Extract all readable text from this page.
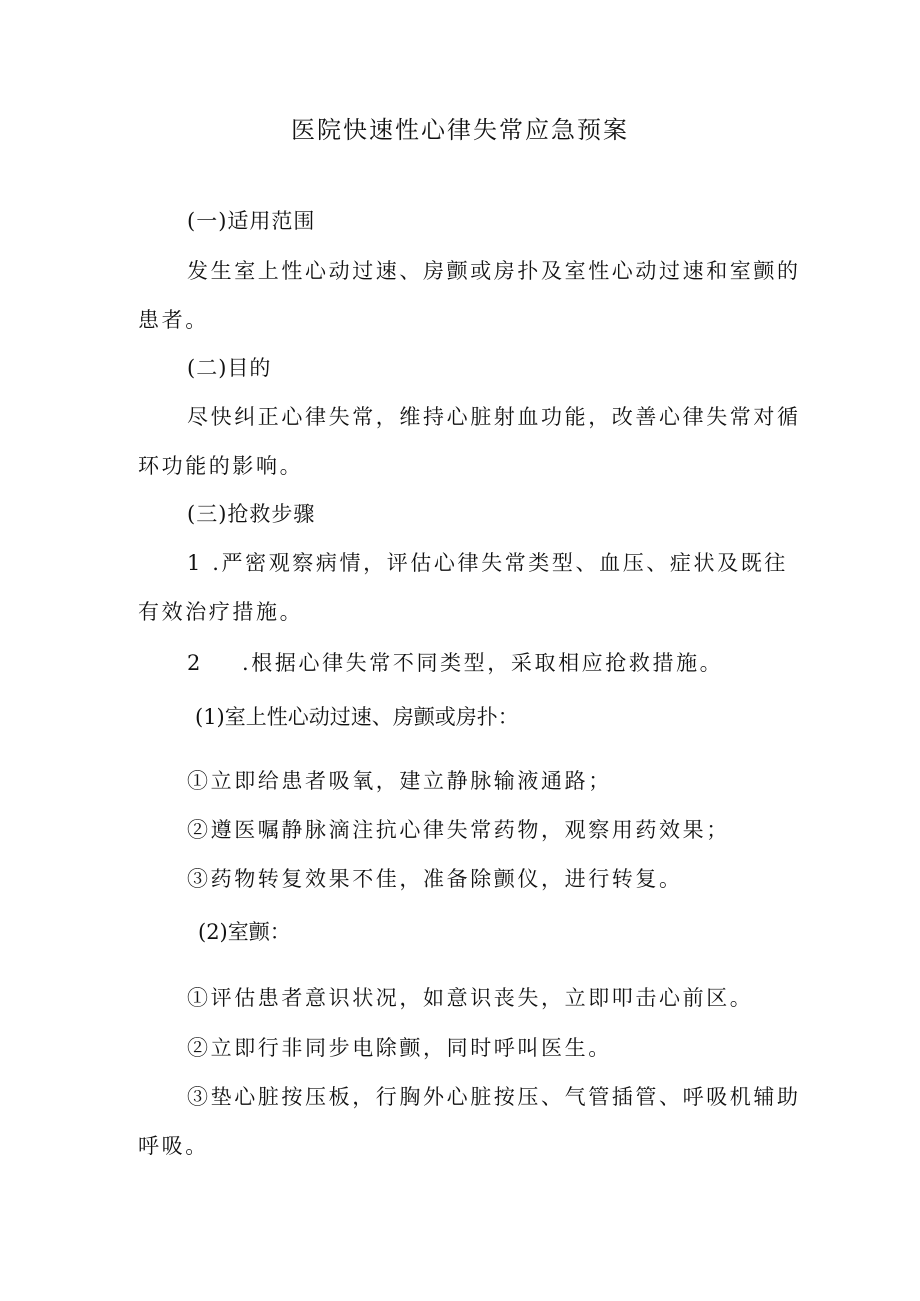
医院快速性心律失常应急预案
(一)适用范围
发生室上性心动过速、房颤或房扑及室性心动过速和室颤的
患者。
(二)目的
尽快纠正心律失常，维持心脏射血功能，改善心律失常对循
环功能的影响。
(三)抢救步骤
1 .严密观察病情，评估心律失常类型、血压、症状及既往
有效治疗措施。
2 .根据心律失常不同类型，采取相应抢救措施。
(1)室上性心动过速、房颤或房扑：
①立即给患者吸氧，建立静脉输液通路；
②遵医嘱静脉滴注抗心律失常药物，观察用药效果；
③药物转复效果不佳，准备除颤仪，进行转复。
(2)室颤：
①评估患者意识状况，如意识丧失，立即叩击心前区。
②立即行非同步电除颤，同时呼叫医生。
③垫心脏按压板，行胸外心脏按压、气管插管、呼吸机辅助
呼吸。
